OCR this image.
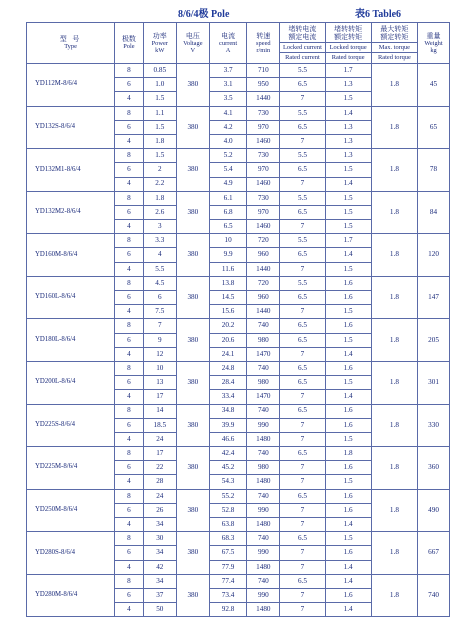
8/6/4极 Pole	表6 Table6
型 号
Type	极数
Pole	功率
Power
kW	电压
Voltage
V	电流
current
A	转速
speed
r/min	堵转电流
额定电流
Locked current
Rated current	堵转转矩
额定转矩
Locked torque
Rated torque	最大转矩
额定转矩
Max. torque
Rated torque	重量
Weight
kg

YD112M-8/6/4	8	0.85	380	3.7	710	5.5	1.7	1.8	45
	6	1.0		3.1	950	6.5	1.3		
	4	1.5		3.5	1440	7	1.5		
YD132S-8/6/4	8	1.1	380	4.1	730	5.5	1.4	1.8	65
	6	1.5		4.2	970	6.5	1.3		
	4	1.8		4.0	1460	7	1.3		
YD132M1-8/6/4	8	1.5	380	5.2	730	5.5	1.3	1.8	78
	6	2		5.4	970	6.5	1.5		
	4	2.2		4.9	1460	7	1.4		
YD132M2-8/6/4	8	1.8	380	6.1	730	5.5	1.5	1.8	84
	6	2.6		6.8	970	6.5	1.5		
	4	3		6.5	1460	7	1.5		
YD160M-8/6/4	8	3.3	380	10	720	5.5	1.7	1.8	120
	6	4		9.9	960	6.5	1.4		
	4	5.5		11.6	1440	7	1.5		
YD160L-8/6/4	8	4.5	380	13.8	720	5.5	1.6	1.8	147
	6	6		14.5	960	6.5	1.6		
	4	7.5		15.6	1440	7	1.5		
YD180L-8/6/4	8	7	380	20.2	740	6.5	1.6	1.8	205
	6	9		20.6	980	6.5	1.5		
	4	12		24.1	1470	7	1.4		
YD200L-8/6/4	8	10	380	24.8	740	6.5	1.6	1.8	301
	6	13		28.4	980	6.5	1.5		
	4	17		33.4	1470	7	1.4		
YD225S-8/6/4	8	14	380	34.8	740	6.5	1.6	1.8	330
	6	18.5		39.9	990	7	1.6		
	4	24		46.6	1480	7	1.5		
YD225M-8/6/4	8	17	380	42.4	740	6.5	1.8	1.8	360
	6	22		45.2	980	7	1.6		
	4	28		54.3	1480	7	1.5		
YD250M-8/6/4	8	24	380	55.2	740	6.5	1.6	1.8	490
	6	26		52.8	990	7	1.6		
	4	34		63.8	1480	7	1.4		
YD280S-8/6/4	8	30	380	68.3	740	6.5	1.5	1.8	667
	6	34		67.5	990	7	1.6		
	4	42		77.9	1480	7	1.4		
YD280M-8/6/4	8	34	380	77.4	740	6.5	1.4	1.8	740
	6	37		73.4	990	7	1.6		
	4	50		92.8	1480	7	1.4		
